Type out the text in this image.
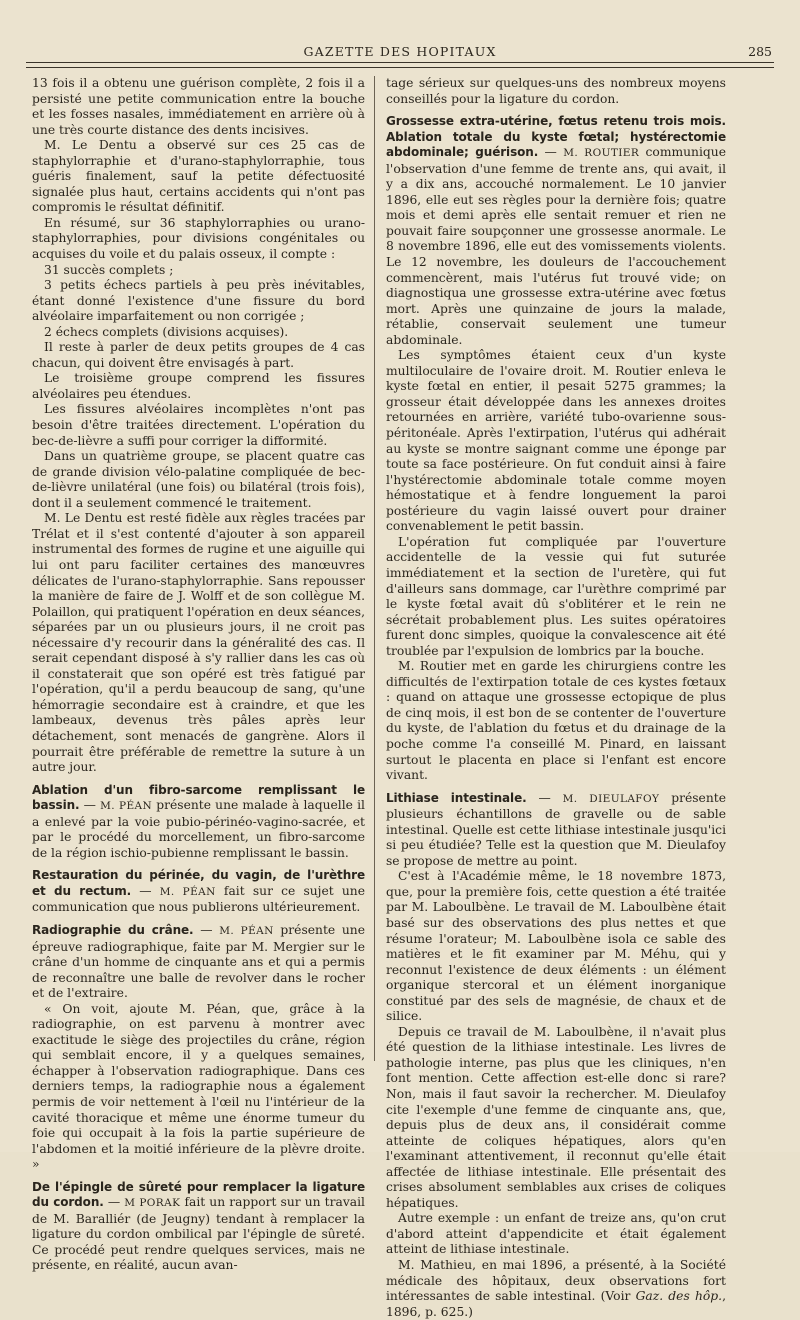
GAZETTE DES HOPITAUX	285

13 fois il a obtenu une guérison complète, 2 fois il a persisté une petite communication entre la bouche et les fosses nasales, immédiatement en arrière où à une très courte distance des dents incisives.

M. Le Dentu a observé sur ces 25 cas de staphylorraphie et d'urano-staphylorraphie, tous guéris finalement, sauf la petite défectuosité signalée plus haut, certains accidents qui n'ont pas compromis le résultat définitif.

En résumé, sur 36 staphylorraphies ou urano-staphylorraphies, pour divisions congénitales ou acquises du voile et du palais osseux, il compte :

31 succès complets ;

3 petits échecs partiels à peu près inévitables, étant donné l'existence d'une fissure du bord alvéolaire imparfaitement ou non corrigée ;

2 échecs complets (divisions acquises).

Il reste à parler de deux petits groupes de 4 cas chacun, qui doivent être envisagés à part.

Le troisième groupe comprend les fissures alvéolaires peu étendues.

Les fissures alvéolaires incomplètes n'ont pas besoin d'être traitées directement. L'opération du bec-de-lièvre a suffi pour corriger la difformité.

Dans un quatrième groupe, se placent quatre cas de grande division vélo-palatine compliquée de bec-de-lièvre unilatéral (une fois) ou bilatéral (trois fois), dont il a seulement commencé le traitement.

M. Le Dentu est resté fidèle aux règles tracées par Trélat et il s'est contenté d'ajouter à son appareil instrumental des formes de rugine et une aiguille qui lui ont paru faciliter certaines des manœuvres délicates de l'urano-staphylorraphie. Sans repousser la manière de faire de J. Wolff et de son collègue M. Polaillon, qui pratiquent l'opération en deux séances, séparées par un ou plusieurs jours, il ne croit pas nécessaire d'y recourir dans la généralité des cas. Il serait cependant disposé à s'y rallier dans les cas où il constaterait que son opéré est très fatigué par l'opération, qu'il a perdu beaucoup de sang, qu'une hémorragie secondaire est à craindre, et que les lambeaux, devenus très pâles après leur détachement, sont menacés de gangrène. Alors il pourrait être préférable de remettre la suture à un autre jour.

Ablation d'un fibro-sarcome remplissant le bassin. — M. PÉAN présente une malade à laquelle il a enlevé par la voie pubio-périnéo-vagino-sacrée, et par le procédé du morcellement, un fibro-sarcome de la région ischio-pubienne remplissant le bassin.

Restauration du périnée, du vagin, de l'urèthre et du rectum. — M. PÉAN fait sur ce sujet une communication que nous publierons ultérieurement.

Radiographie du crâne. — M. PÉAN présente une épreuve radiographique, faite par M. Mergier sur le crâne d'un homme de cinquante ans et qui a permis de reconnaître une balle de revolver dans le rocher et de l'extraire.

« On voit, ajoute M. Péan, que, grâce à la radiographie, on est parvenu à montrer avec exactitude le siège des projectiles du crâne, région qui semblait encore, il y a quelques semaines, échapper à l'observation radiographique. Dans ces derniers temps, la radiographie nous a également permis de voir nettement à l'œil nu l'intérieur de la cavité thoracique et même une énorme tumeur du foie qui occupait à la fois la partie supérieure de l'abdomen et la moitié inférieure de la plèvre droite. »

De l'épingle de sûreté pour remplacer la ligature du cordon. — M PORAK fait un rapport sur un travail de M. Baralliér (de Jeugny) tendant à remplacer la ligature du cordon ombilical par l'épingle de sûreté. Ce procédé peut rendre quelques services, mais ne présente, en réalité, aucun avan-

tage sérieux sur quelques-uns des nombreux moyens conseillés pour la ligature du cordon.

Grossesse extra-utérine, fœtus retenu trois mois. Ablation totale du kyste fœtal; hystérectomie abdominale; guérison. — M. ROUTIER communique l'observation d'une femme de trente ans, qui avait, il y a dix ans, accouché normalement. Le 10 janvier 1896, elle eut ses règles pour la dernière fois; quatre mois et demi après elle sentait remuer et rien ne pouvait faire soupçonner une grossesse anormale. Le 8 novembre 1896, elle eut des vomissements violents. Le 12 novembre, les douleurs de l'accouchement commencèrent, mais l'utérus fut trouvé vide; on diagnostiqua une grossesse extra-utérine avec fœtus mort. Après une quinzaine de jours la malade, rétablie, conservait seulement une tumeur abdominale.

Les symptômes étaient ceux d'un kyste multiloculaire de l'ovaire droit. M. Routier enleva le kyste fœtal en entier, il pesait 5275 grammes; la grosseur était développée dans les annexes droites retournées en arrière, variété tubo-ovarienne sous-péritonéale. Après l'extirpation, l'utérus qui adhérait au kyste se montre saignant comme une éponge par toute sa face postérieure. On fut conduit ainsi à faire l'hystérectomie abdominale totale comme moyen hémostatique et à fendre longuement la paroi postérieure du vagin laissé ouvert pour drainer convenablement le petit bassin.

L'opération fut compliquée par l'ouverture accidentelle de la vessie qui fut suturée immédiatement et la section de l'uretère, qui fut d'ailleurs sans dommage, car l'urèthre comprimé par le kyste fœtal avait dû s'oblitérer et le rein ne sécrétait probablement plus. Les suites opératoires furent donc simples, quoique la convalescence ait été troublée par l'expulsion de lombrics par la bouche.

M. Routier met en garde les chirurgiens contre les difficultés de l'extirpation totale de ces kystes fœtaux : quand on attaque une grossesse ectopique de plus de cinq mois, il est bon de se contenter de l'ouverture du kyste, de l'ablation du fœtus et du drainage de la poche comme l'a conseillé M. Pinard, en laissant surtout le placenta en place si l'enfant est encore vivant.

Lithiase intestinale. — M. DIEULAFOY présente plusieurs échantillons de gravelle ou de sable intestinal. Quelle est cette lithiase intestinale jusqu'ici si peu étudiée? Telle est la question que M. Dieulafoy se propose de mettre au point.

C'est à l'Académie même, le 18 novembre 1873, que, pour la première fois, cette question a été traitée par M. Laboulbène. Le travail de M. Laboulbène était basé sur des observations des plus nettes et que résume l'orateur; M. Laboulbène isola ce sable des matières et le fit examiner par M. Méhu, qui y reconnut l'existence de deux éléments : un élément organique stercoral et un élément inorganique constitué par des sels de magnésie, de chaux et de silice.

Depuis ce travail de M. Laboulbène, il n'avait plus été question de la lithiase intestinale. Les livres de pathologie interne, pas plus que les cliniques, n'en font mention. Cette affection est-elle donc si rare? Non, mais il faut savoir la rechercher. M. Dieulafoy cite l'exemple d'une femme de cinquante ans, que, depuis plus de deux ans, il considérait comme atteinte de coliques hépatiques, alors qu'en l'examinant attentivement, il reconnut qu'elle était affectée de lithiase intestinale. Elle présentait des crises absolument semblables aux crises de coliques hépatiques.

Autre exemple : un enfant de treize ans, qu'on crut d'abord atteint d'appendicite et était également atteint de lithiase intestinale.

M. Mathieu, en mai 1896, a présenté, à la Société médicale des hôpitaux, deux observations fort intéressantes de sable intestinal. (Voir Gaz. des hôp., 1896, p. 625.)
